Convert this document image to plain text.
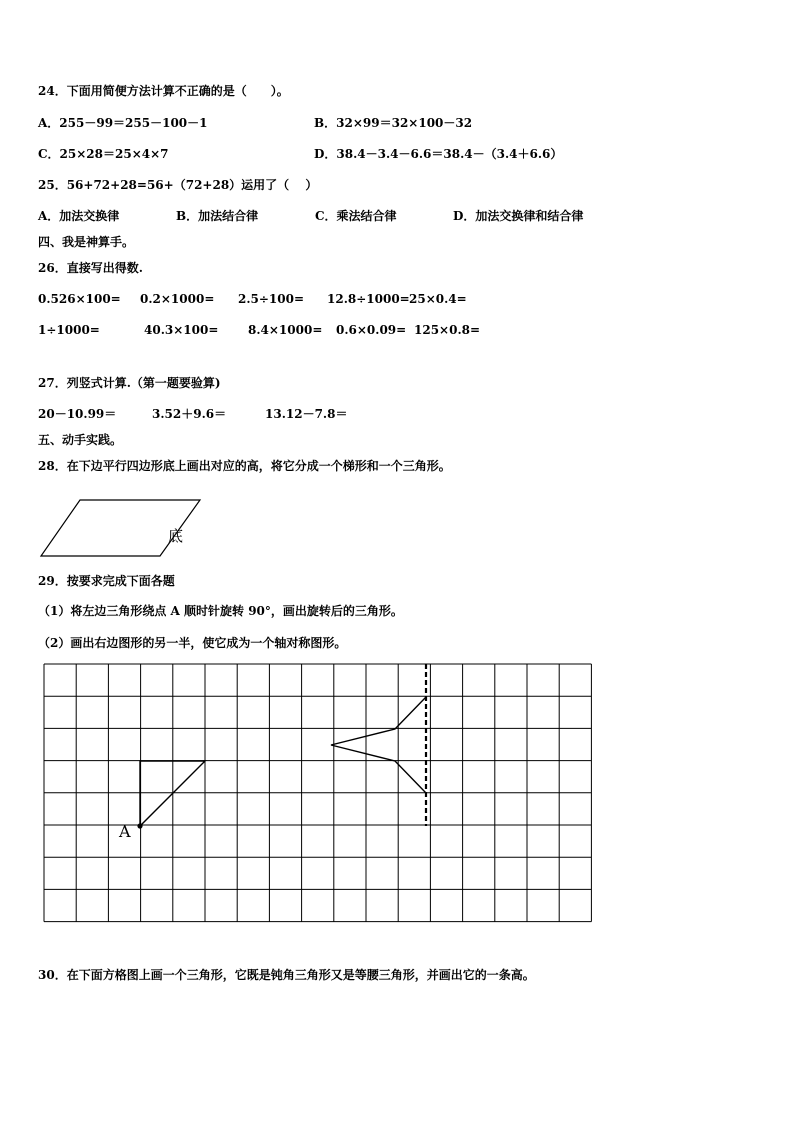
24．下面用简便方法计算不正确的是（　　）。
A．255－99＝255－100－1	B．32×99＝32×100－32
C．25×28＝25×4×7	D．38.4－3.4－6.6＝38.4－（3.4＋6.6）
25．56+72+28=56+（72+28）运用了（　 ）
A．加法交换律	B．加法结合律	C．乘法结合律	D．加法交换律和结合律
四、我是神算手。
26．直接写出得数.
0.526×100= 0.2×1000= 2.5÷100= 12.8÷1000= 25×0.4=
1÷1000=	40.3×100= 8.4×1000= 0.6×0.09= 125×0.8=
27．列竖式计算.（第一题要验算)
20－10.99＝	3.52＋9.6＝	13.12－7.8＝
五、动手实践。
28．在下边平行四边形底上画出对应的高，将它分成一个梯形和一个三角形。
底
29．按要求完成下面各题
（1）将左边三角形绕点 A 顺时针旋转 90°，画出旋转后的三角形。
（2）画出右边图形的另一半，使它成为一个轴对称图形。
A
30．在下面方格图上画一个三角形，它既是钝角三角形又是等腰三角形，并画出它的一条高。
